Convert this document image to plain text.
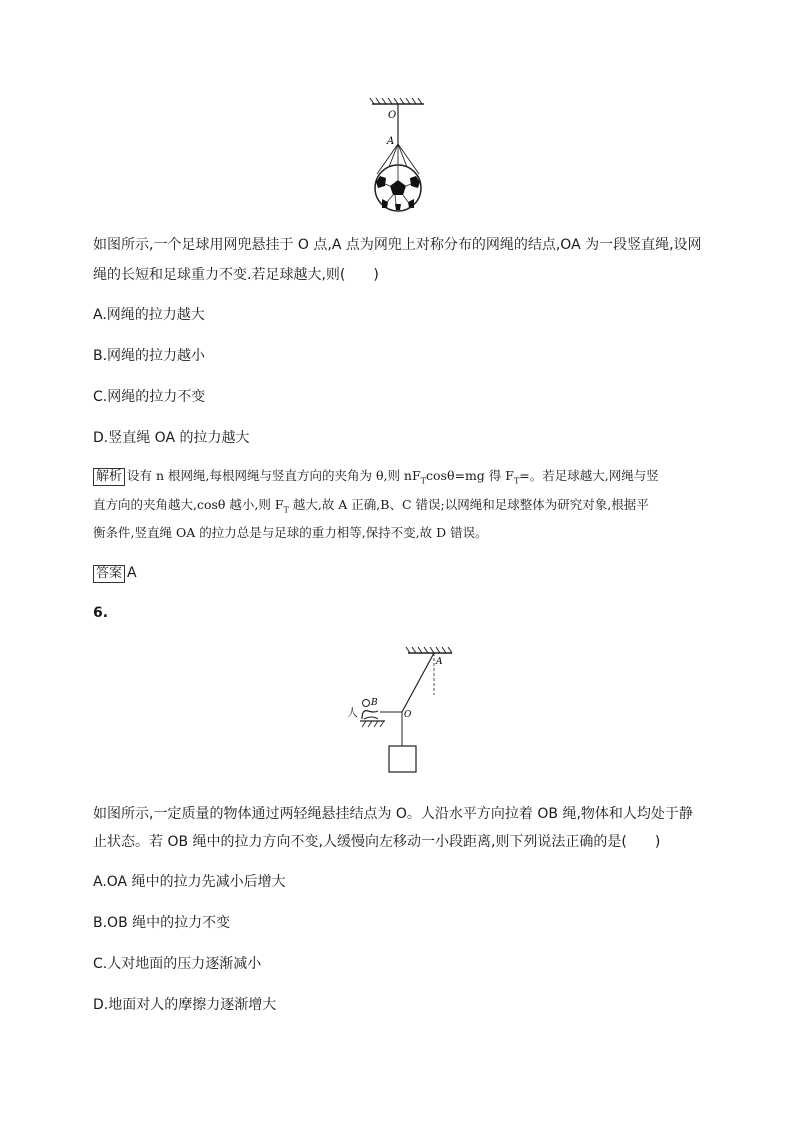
O
A
如图所示,一个足球用网兜悬挂于 O 点,A 点为网兜上对称分布的网绳的结点,OA 为一段竖直绳,设网
绳的长短和足球重力不变.若足球越大,则(　　)
A.网绳的拉力越大
B.网绳的拉力越小
C.网绳的拉力不变
D.竖直绳 OA 的拉力越大
解析 设有 n 根网绳,每根网绳与竖直方向的夹角为 θ,则 $nF_T\cos\theta=mg$ 得 $F_T=$。若足球越大,网绳与竖
直方向的夹角越大,cosθ 越小,则 $F_T$ 越大,故 A 正确,B、C 错误;以网绳和足球整体为研究对象,根据平
衡条件,竖直绳 OA 的拉力总是与足球的重力相等,保持不变,故 D 错误。
答案 A
6.
A
O
B
人
如图所示,一定质量的物体通过两轻绳悬挂结点为 O。人沿水平方向拉着 OB 绳,物体和人均处于静
止状态。若 OB 绳中的拉力方向不变,人缓慢向左移动一小段距离,则下列说法正确的是(　　)
A.OA 绳中的拉力先减小后增大
B.OB 绳中的拉力不变
C.人对地面的压力逐渐减小
D.地面对人的摩擦力逐渐增大
